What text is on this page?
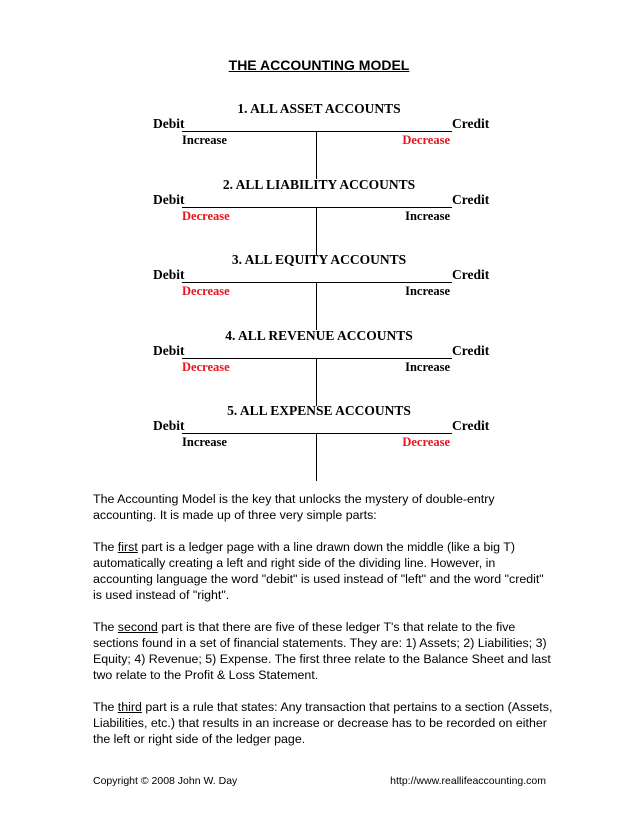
THE ACCOUNTING MODEL
1. ALL ASSET ACCOUNTS
Debit	Credit
Increase	Decrease
2. ALL LIABILITY ACCOUNTS
Debit	Credit
Decrease	Increase
3. ALL EQUITY ACCOUNTS
Debit	Credit
Decrease	Increase
4. ALL REVENUE ACCOUNTS
Debit	Credit
Decrease	Increase
5. ALL EXPENSE ACCOUNTS
Debit	Credit
Increase	Decrease

The Accounting Model is the key that unlocks the mystery of double-entry accounting. It is made up of three very simple parts:

The first part is a ledger page with a line drawn down the middle (like a big T) automatically creating a left and right side of the dividing line. However, in accounting language the word "debit" is used instead of "left" and the word "credit" is used instead of "right".

The second part is that there are five of these ledger T's that relate to the five sections found in a set of financial statements. They are: 1) Assets; 2) Liabilities; 3) Equity; 4) Revenue; 5) Expense. The first three relate to the Balance Sheet and last two relate to the Profit & Loss Statement.

The third part is a rule that states: Any transaction that pertains to a section (Assets, Liabilities, etc.) that results in an increase or decrease has to be recorded on either the left or right side of the ledger page.

Copyright © 2008 John W. Day	http://www.reallifeaccounting.com
